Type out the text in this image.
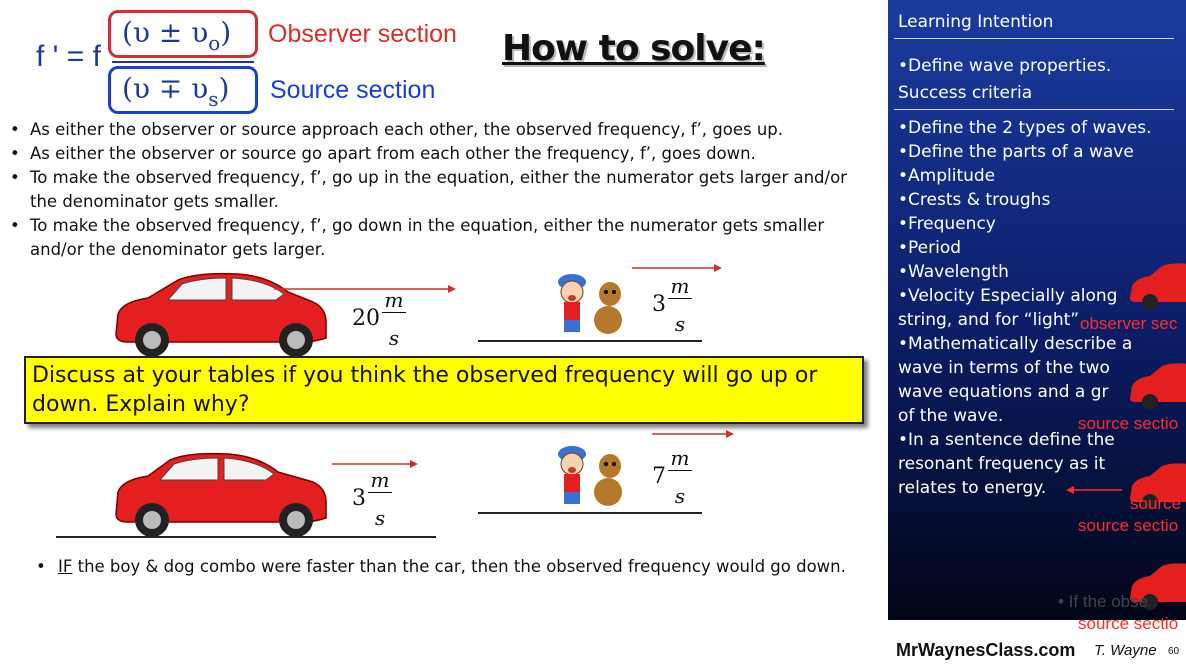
f ' = f
$(\upsilon \pm \upsilon_o)$
$(\upsilon \mp \upsilon_s)$
Observer section
Source section
How to solve:
• As either the observer or source approach each other, the observed frequency, f’, goes up.
• As either the observer or source go apart from each other the frequency, f’, goes down.
• To make the observed frequency, f’, go up in the equation, either the numerator gets larger and/or the denominator gets smaller.
• To make the observed frequency, f’, go down in the equation, either the numerator gets smaller and/or the denominator gets larger.
20
m
s
3
m
s
Discuss at your tables if you think the observed frequency will go up or down. Explain why?
3
m
s
7
m
s
• IF the boy & dog combo were faster than the car, then the observed frequency would go down.
Learning Intention
•Define wave properties.
Success criteria
•Define the 2 types of waves.
•Define the parts of a wave
•Amplitude
•Crests & troughs
•Frequency
•Period
•Wavelength
•Velocity Especially along
string, and for “light”
•Mathematically describe a
wave in terms of the two
wave equations and a gr
of the wave.
•In a sentence define the
resonant frequency as it
relates to energy.
observer sec
source sectio
source
source sectio
• If the obse
source sectio
MrWaynesClass.com T. Wayne 60
